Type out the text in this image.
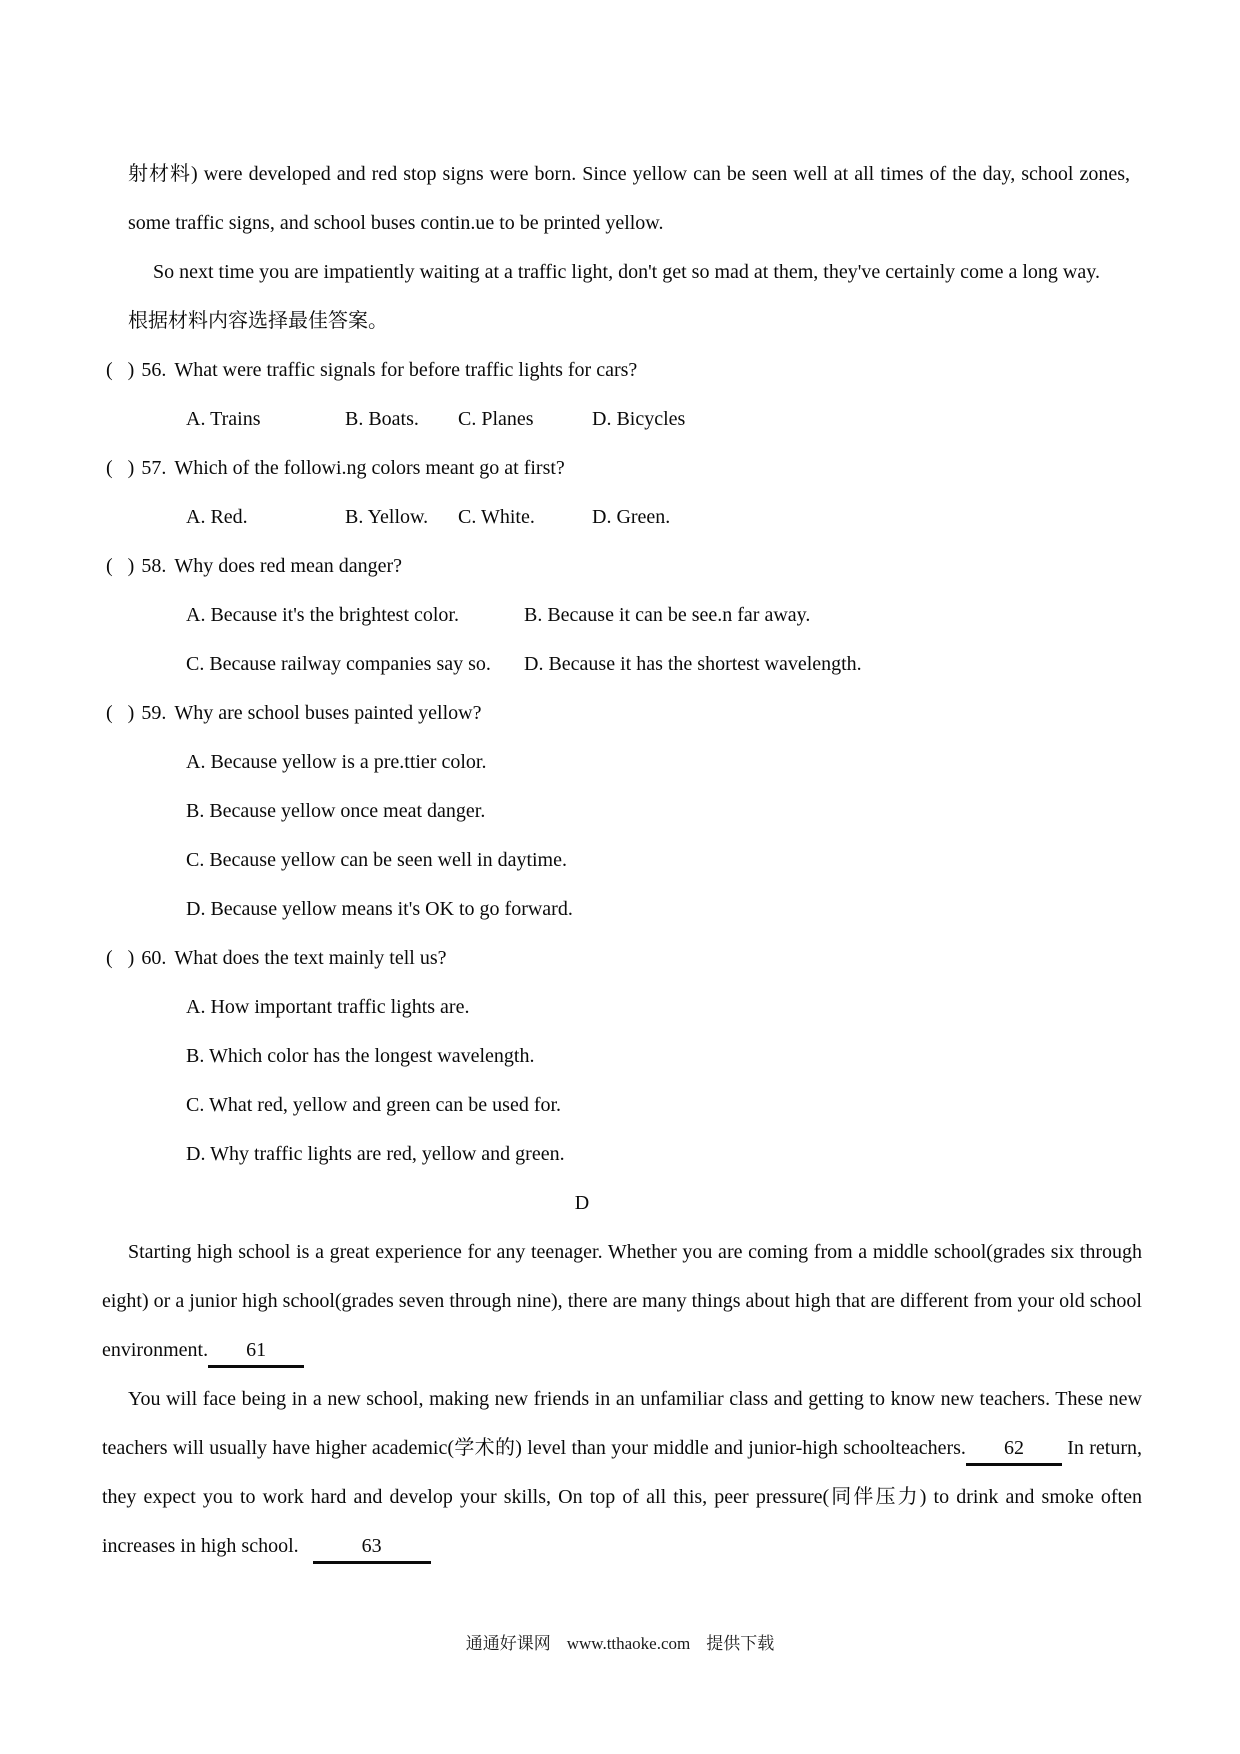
射材料) were developed and red stop signs were born. Since yellow can be seen well at all times of the day, school zones, some traffic signs, and school buses contin.ue to be printed yellow.

So next time you are impatiently waiting at a traffic light, don't get so mad at them, they've certainly come a long way.

根据材料内容选择最佳答案。

( ) 56. What were traffic signals for before traffic lights for cars?
A. Trains	B. Boats.	C. Planes	D. Bicycles
( ) 57. Which of the followi.ng colors meant go at first?
A. Red.	B. Yellow.	C. White.	D. Green.
( ) 58. Why does red mean danger?
A. Because it's the brightest color.	B. Because it can be see.n far away.
C. Because railway companies say so.	D. Because it has the shortest wavelength.
( ) 59. Why are school buses painted yellow?
A. Because yellow is a pre.ttier color.
B. Because yellow once meat danger.
C. Because yellow can be seen well in daytime.
D. Because yellow means it's OK to go forward.
( ) 60. What does the text mainly tell us?
A. How important traffic lights are.
B. Which color has the longest wavelength.
C. What red, yellow and green can be used for.
D. Why traffic lights are red, yellow and green.
D

Starting high school is a great experience for any teenager. Whether you are coming from a middle school(grades six through eight) or a junior high school(grades seven through nine), there are many things about high that are different from your old school environment. 61

You will face being in a new school, making new friends in an unfamiliar class and getting to know new teachers. These new teachers will usually have higher academic(学术的) level than your middle and junior-high schoolteachers. 62 In return, they expect you to work hard and develop your skills, On top of all this, peer pressure(同伴压力) to drink and smoke often increases in high school.	63

通通好课网 www.tthaoke.com 提供下载
